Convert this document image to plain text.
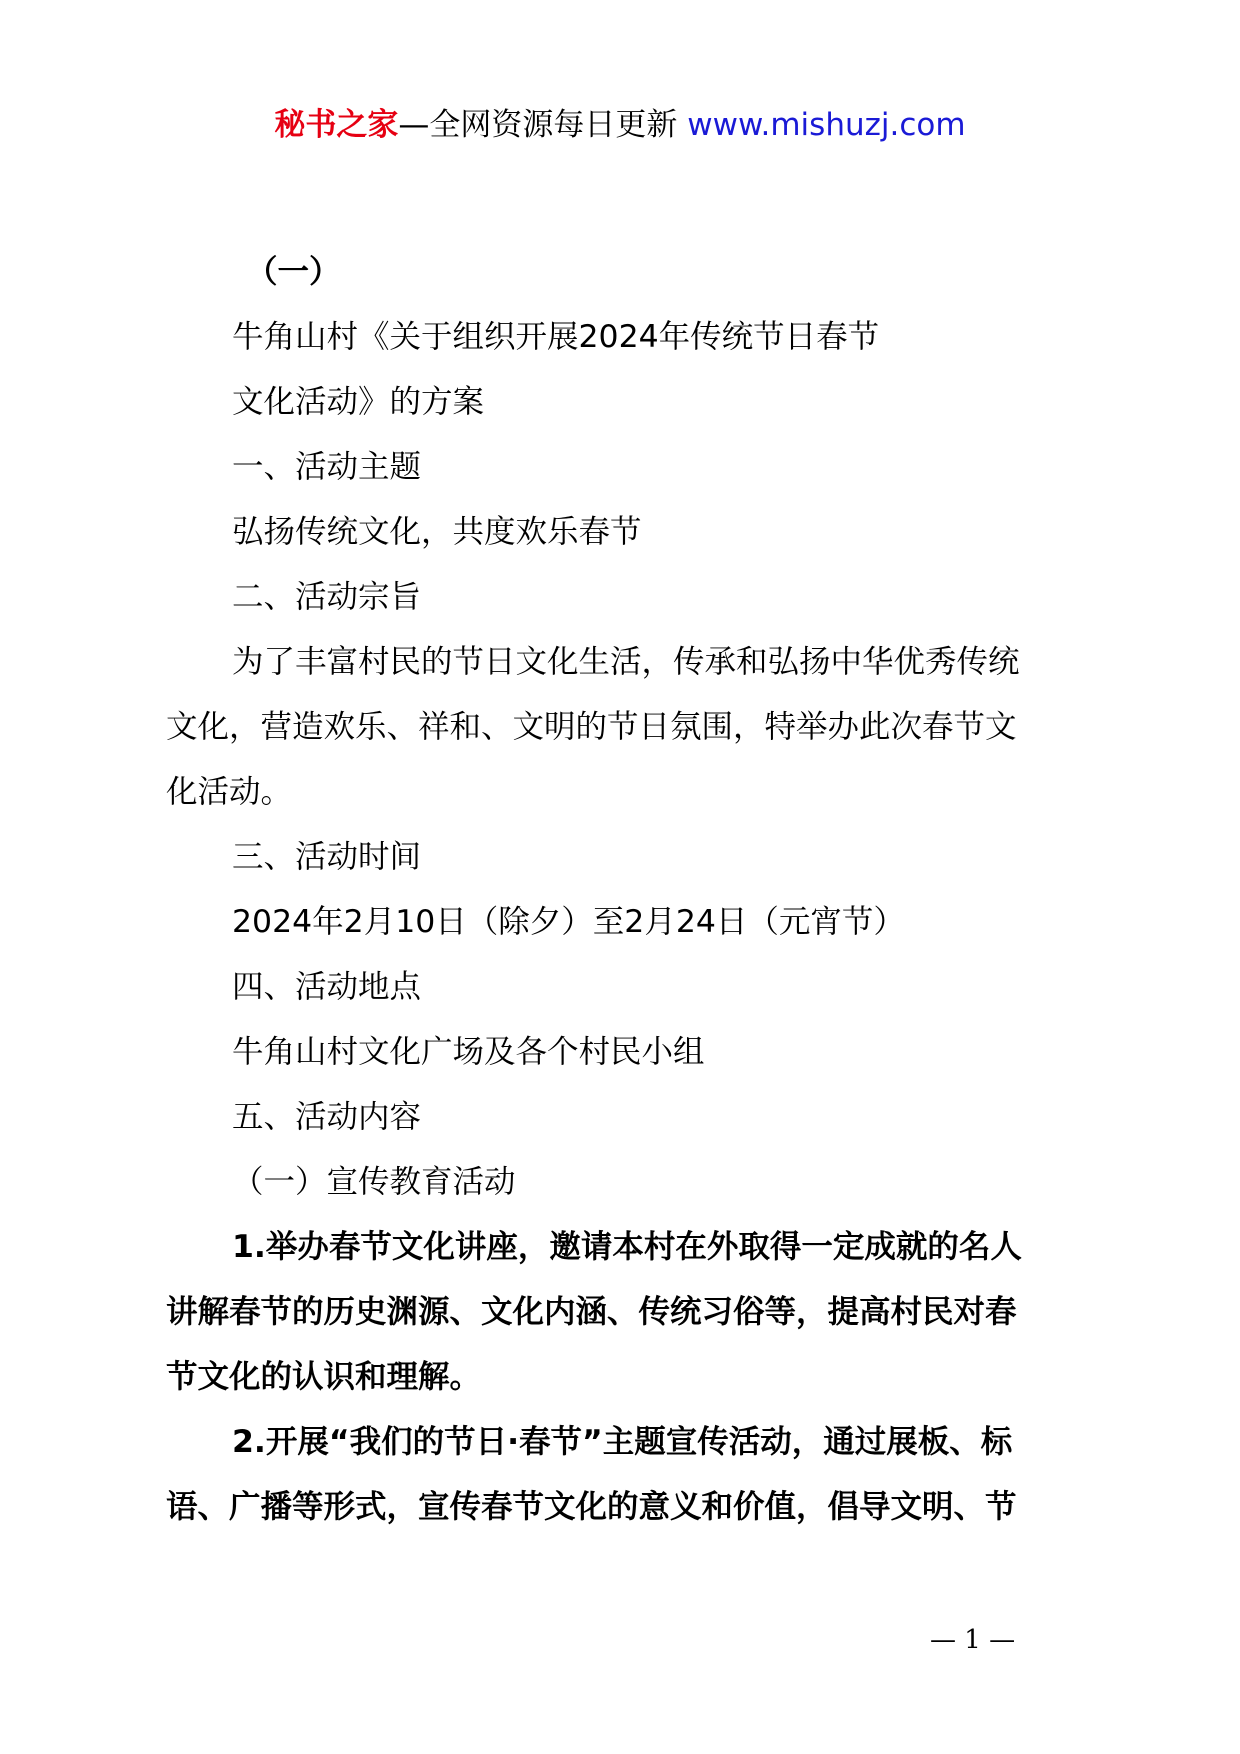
秘书之家—全网资源每日更新 www.mishuzj.com

（一）

牛角山村《关于组织开展2024年传统节日春节

文化活动》的方案

一、活动主题

弘扬传统文化，共度欢乐春节

二、活动宗旨

为了丰富村民的节日文化生活，传承和弘扬中华优秀传统

文化，营造欢乐、祥和、文明的节日氛围，特举办此次春节文

化活动。

三、活动时间

2024年2月10日（除夕）至2月24日（元宵节）

四、活动地点

牛角山村文化广场及各个村民小组

五、活动内容

（一）宣传教育活动

1.举办春节文化讲座，邀请本村在外取得一定成就的名人

讲解春节的历史渊源、文化内涵、传统习俗等，提高村民对春

节文化的认识和理解。

2.开展“我们的节日·春节”主题宣传活动，通过展板、标

语、广播等形式，宣传春节文化的意义和价值，倡导文明、节

— 1 —
